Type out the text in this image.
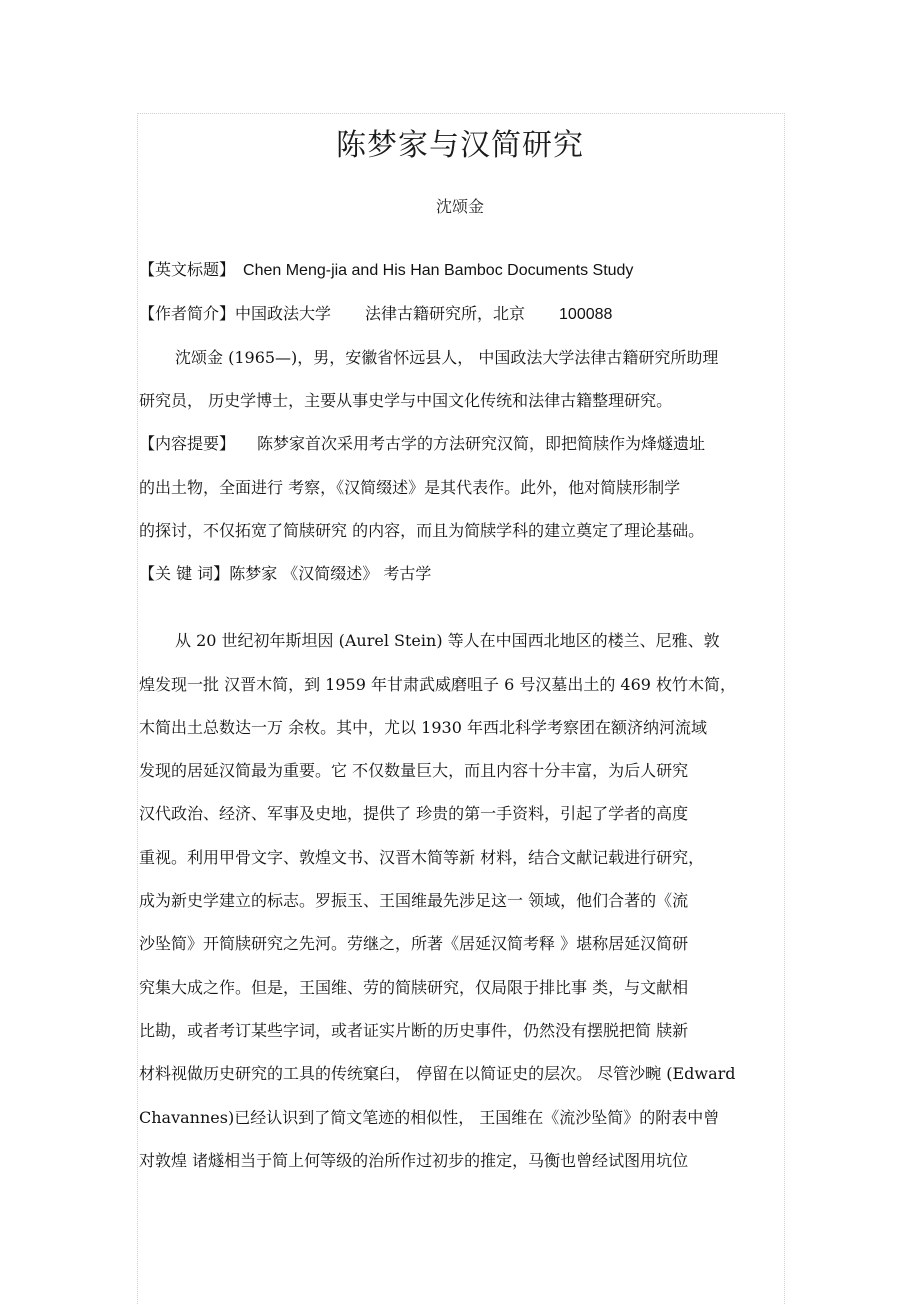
陈梦家与汉简研究
沈颂金
【英文标题】 Chen Meng-jia and His Han Bamboc Documents Study
【作者简介】中国政法大学 法律古籍研究所，北京 100088
沈颂金 (1965—)，男，安徽省怀远县人， 中国政法大学法律古籍研究所助理
研究员， 历史学博士，主要从事史学与中国文化传统和法律古籍整理研究。
【内容提要】 陈梦家首次采用考古学的方法研究汉简，即把简牍作为烽燧遗址
的出土物，全面进行 考察，《汉简缀述》是其代表作。此外，他对简牍形制学
的探讨，不仅拓宽了简牍研究 的内容，而且为简牍学科的建立奠定了理论基础。
【关 键 词】陈梦家 《汉简缀述》 考古学
从 20 世纪初年斯坦因 (Aurel Stein) 等人在中国西北地区的楼兰、尼雅、敦
煌发现一批 汉晋木简，到 1959 年甘肃武威磨咀子 6 号汉墓出土的 469 枚竹木简，
木简出土总数达一万 余枚。其中，尤以 1930 年西北科学考察团在额济纳河流域
发现的居延汉简最为重要。它 不仅数量巨大，而且内容十分丰富，为后人研究
汉代政治、经济、军事及史地，提供了 珍贵的第一手资料，引起了学者的高度
重视。利用甲骨文字、敦煌文书、汉晋木简等新 材料，结合文献记载进行研究，
成为新史学建立的标志。罗振玉、王国维最先涉足这一 领域，他们合著的《流
沙坠简》开简牍研究之先河。劳继之，所著《居延汉简考释 》堪称居延汉简研
究集大成之作。但是，王国维、劳的简牍研究，仅局限于排比事 类，与文献相
比勘，或者考订某些字词，或者证实片断的历史事件，仍然没有摆脱把简 牍新
材料视做历史研究的工具的传统窠臼， 停留在以简证史的层次。 尽管沙畹 (Edward
Chavannes)已经认识到了简文笔迹的相似性， 王国维在《流沙坠简》的附表中曾
对敦煌 诸燧相当于简上何等级的治所作过初步的推定，马衡也曾经试图用坑位
